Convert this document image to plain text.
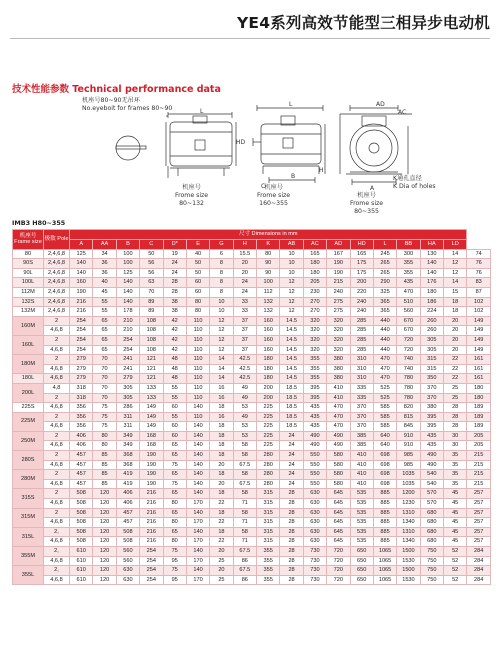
YE4系列高效节能型三相异步电动机
技术性能参数 Technical performance data
机座号80~90无吊环
No.eyeboit for frames 80~90	L
HD
机座号
Frome size
80~132
L
B
C
H
机座号
Frome size
160~355
AD
AC
A
K通孔直径
K Dia of holes
机座号
Frome size
80~355
IMB3 H80~355
机座号 Frame size	极数 Pole	尺寸 Dimensions in mm																	
		A	AA	B	C	D*	E	G	H	K	AB	AC	AD	HD	L	BB	HA	LD	
80	2,4,6,8	125	34	100	50	19	40	6	15.5	80	10	165	167	165	245	300	130	14	74
90S	2,4,6,8	140	36	100	56	24	50	8	20	90	10	180	190	175	265	355	140	12	76
90L	2,4,6,8	140	36	125	56	24	50	8	20	90	10	180	190	175	265	355	140	12	76
100L	2,4,6,8	160	40	140	63	28	60	8	24	100	12	205	215	200	290	435	176	14	83
112M	2,4,6,8	190	45	140	70	28	60	8	24	112	12	230	240	220	325	470	180	15	87
132S	2,4,6,8	216	55	140	89	38	80	10	33	132	12	270	275	240	365	510	186	18	102
132M	2,4,6,8	216	55	178	89	38	80	10	33	132	12	270	275	240	365	560	224	18	102
160M	2	254	65	210	108	42	110	12	37	160	14.5	320	320	285	440	670	260	20	149
	4,6,8	254	65	210	108	42	110	12	37	160	14.5	320	320	285	440	670	260	20	149
160L	2	254	65	254	108	42	110	12	37	160	14.5	320	320	285	440	720	305	20	149
	4,6,8	254	65	254	108	42	110	12	37	160	14.5	320	320	285	440	720	305	20	149
180M	2	279	70	241	121	48	110	14	42.5	180	14.5	355	380	310	470	740	315	22	161
	4,6,8	279	70	241	121	48	110	14	42.5	180	14.5	355	380	310	470	740	315	22	161
180L	4,6,8	279	70	279	121	48	110	14	42.5	180	14.5	355	380	310	470	780	350	22	161
200L	4,8	318	70	305	133	55	110	16	49	200	18.5	395	410	335	525	780	370	25	180
	2	318	70	305	133	55	110	16	49	200	18.5	395	410	335	525	780	370	25	180
225S	4,6,8	356	75	286	149	60	140	18	53	225	18.5	435	470	370	585	820	380	28	189
225M	2	356	75	311	149	55	110	16	49	225	18.5	435	470	370	585	815	395	28	189
	4,6,8	356	75	311	149	60	140	18	53	225	18.5	435	470	370	585	845	395	28	189
250M	2	406	80	349	168	60	140	18	53	225	24	490	490	385	640	910	435	30	205
	4,6,8	406	80	349	168	65	140	18	58	225	24	490	490	385	640	910	435	30	205
280S	2	457	85	368	190	65	140	18	58	280	24	550	580	410	698	985	490	35	215
	4,6,8	457	85	368	190	75	140	20	67.5	280	24	550	580	410	698	985	490	35	215
280M	2	457	85	419	190	65	140	18	58	280	24	550	580	410	698	1035	540	35	215
	4,6,8	457	85	419	190	75	140	20	67.5	280	24	550	580	410	698	1035	540	35	215
315S	2	508	120	406	216	65	140	18	58	315	28	630	645	535	885	1200	570	45	257
	4,6,8	508	120	406	216	80	170	22	71	315	28	630	645	535	885	1230	570	45	257
315M	2	508	120	457	216	65	140	18	58	315	28	630	645	535	885	1310	680	45	257
	4,6,8	508	120	457	216	80	170	22	71	315	28	630	645	535	885	1340	680	45	257
315L	2,	508	120	508	216	65	140	18	58	315	28	630	645	535	885	1310	680	45	257
	4,6,8	508	120	508	216	80	170	22	71	315	28	630	645	535	885	1340	680	45	257
355M	2,	610	120	560	254	75	140	20	67.5	355	28	730	720	650	1065	1500	750	52	284
	4,6,8	610	120	560	254	95	170	25	86	355	28	730	720	650	1065	1530	750	52	284
355L	2,	610	120	630	254	75	140	20	67.5	355	28	730	720	650	1065	1500	750	52	284
	4,6,8	610	120	630	254	95	170	25	86	355	28	730	720	650	1065	1530	750	52	284
